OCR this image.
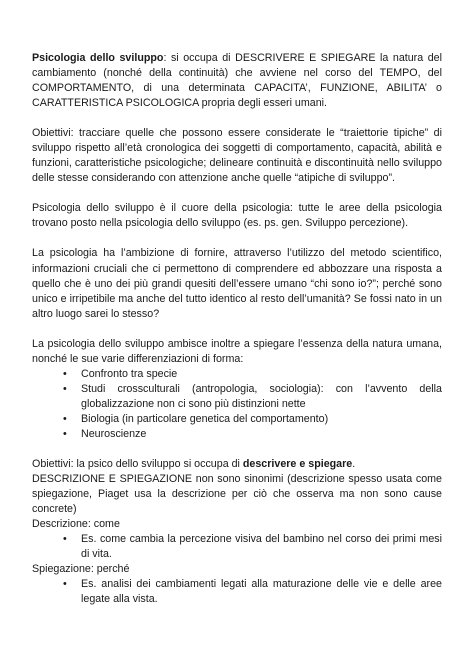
Psicologia dello sviluppo: si occupa di DESCRIVERE E SPIEGARE la natura del cambiamento (nonché della continuità) che avviene nel corso del TEMPO, del COMPORTAMENTO, di una determinata CAPACITA’, FUNZIONE, ABILITA’ o CARATTERISTICA PSICOLOGICA propria degli esseri umani.

Obiettivi: tracciare quelle che possono essere considerate le “traiettorie tipiche” di sviluppo rispetto all’età cronologica dei soggetti di comportamento, capacità, abilità e funzioni, caratteristiche psicologiche; delineare continuità e discontinuità nello sviluppo delle stesse considerando con attenzione anche quelle “atipiche di sviluppo”.

Psicologia dello sviluppo è il cuore della psicologia: tutte le aree della psicologia trovano posto nella psicologia dello sviluppo (es. ps. gen. Sviluppo percezione).

La psicologia ha l’ambizione di fornire, attraverso l’utilizzo del metodo scientifico, informazioni cruciali che ci permettono di comprendere ed abbozzare una risposta a quello che è uno dei più grandi quesiti dell’essere umano “chi sono io?”; perché sono unico e irripetibile ma anche del tutto identico al resto dell’umanità? Se fossi nato in un altro luogo sarei lo stesso?

La psicologia dello sviluppo ambisce inoltre a spiegare l’essenza della natura umana, nonché le sue varie differenziazioni di forma:

• Confronto tra specie
• Studi crossculturali (antropologia, sociologia): con l’avvento della globalizzazione non ci sono più distinzioni nette
• Biologia (in particolare genetica del comportamento)
• Neuroscienze

Obiettivi: la psico dello sviluppo si occupa di descrivere e spiegare.

DESCRIZIONE E SPIEGAZIONE non sono sinonimi (descrizione spesso usata come spiegazione, Piaget usa la descrizione per ciò che osserva ma non sono cause concrete)

Descrizione: come

• Es. come cambia la percezione visiva del bambino nel corso dei primi mesi di vita.

Spiegazione: perché

• Es. analisi dei cambiamenti legati alla maturazione delle vie e delle aree legate alla vista.
